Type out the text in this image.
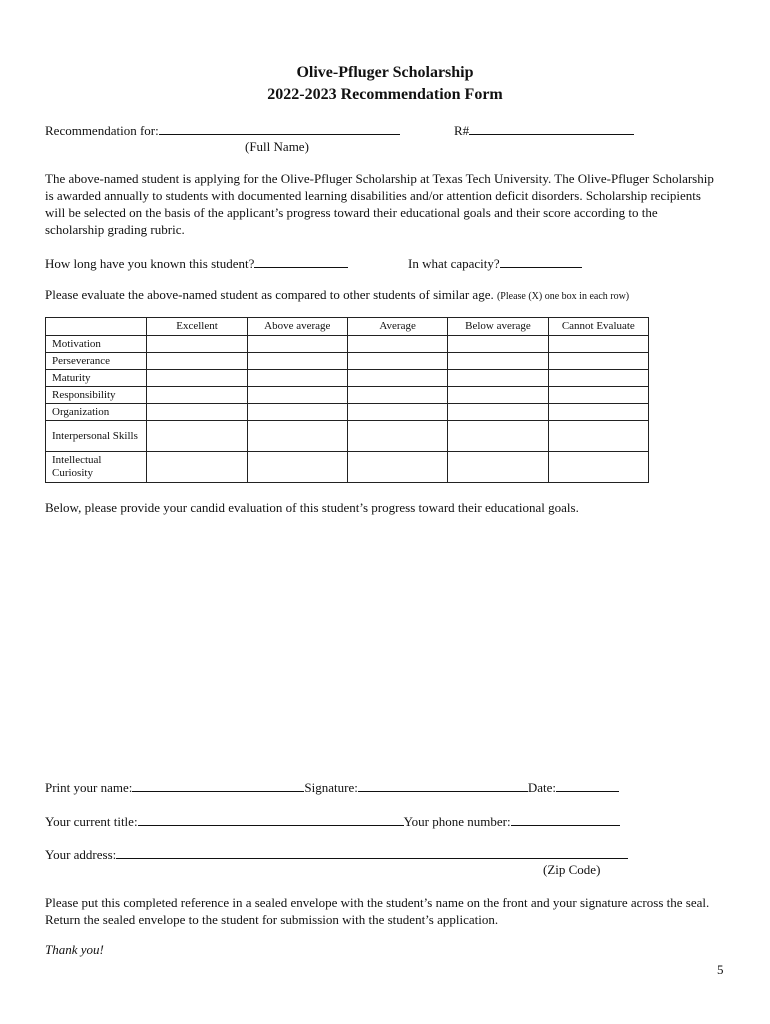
Olive-Pfluger Scholarship
2022-2023 Recommendation Form
Recommendation for:	R#
(Full Name)
The above-named student is applying for the Olive-Pfluger Scholarship at Texas Tech University. The Olive-Pfluger Scholarship is awarded annually to students with documented learning disabilities and/or attention deficit disorders. Scholarship recipients will be selected on the basis of the applicant’s progress toward their educational goals and their score according to the scholarship grading rubric.
How long have you known this student?	In what capacity?
Please evaluate the above-named student as compared to other students of similar age. (Please (X) one box in each row)
	Excellent	Above average	Average	Below average	Cannot Evaluate
Motivation					
Perseverance					
Maturity					
Responsibility					
Organization					
Interpersonal Skills					
Intellectual Curiosity					
Below, please provide your candid evaluation of this student’s progress toward their educational goals.
Print your name:	Signature:	Date:
Your current title:	Your phone number:
Your address:
(Zip Code)
Please put this completed reference in a sealed envelope with the student’s name on the front and your signature across the seal. Return the sealed envelope to the student for submission with the student’s application.
Thank you!
5
